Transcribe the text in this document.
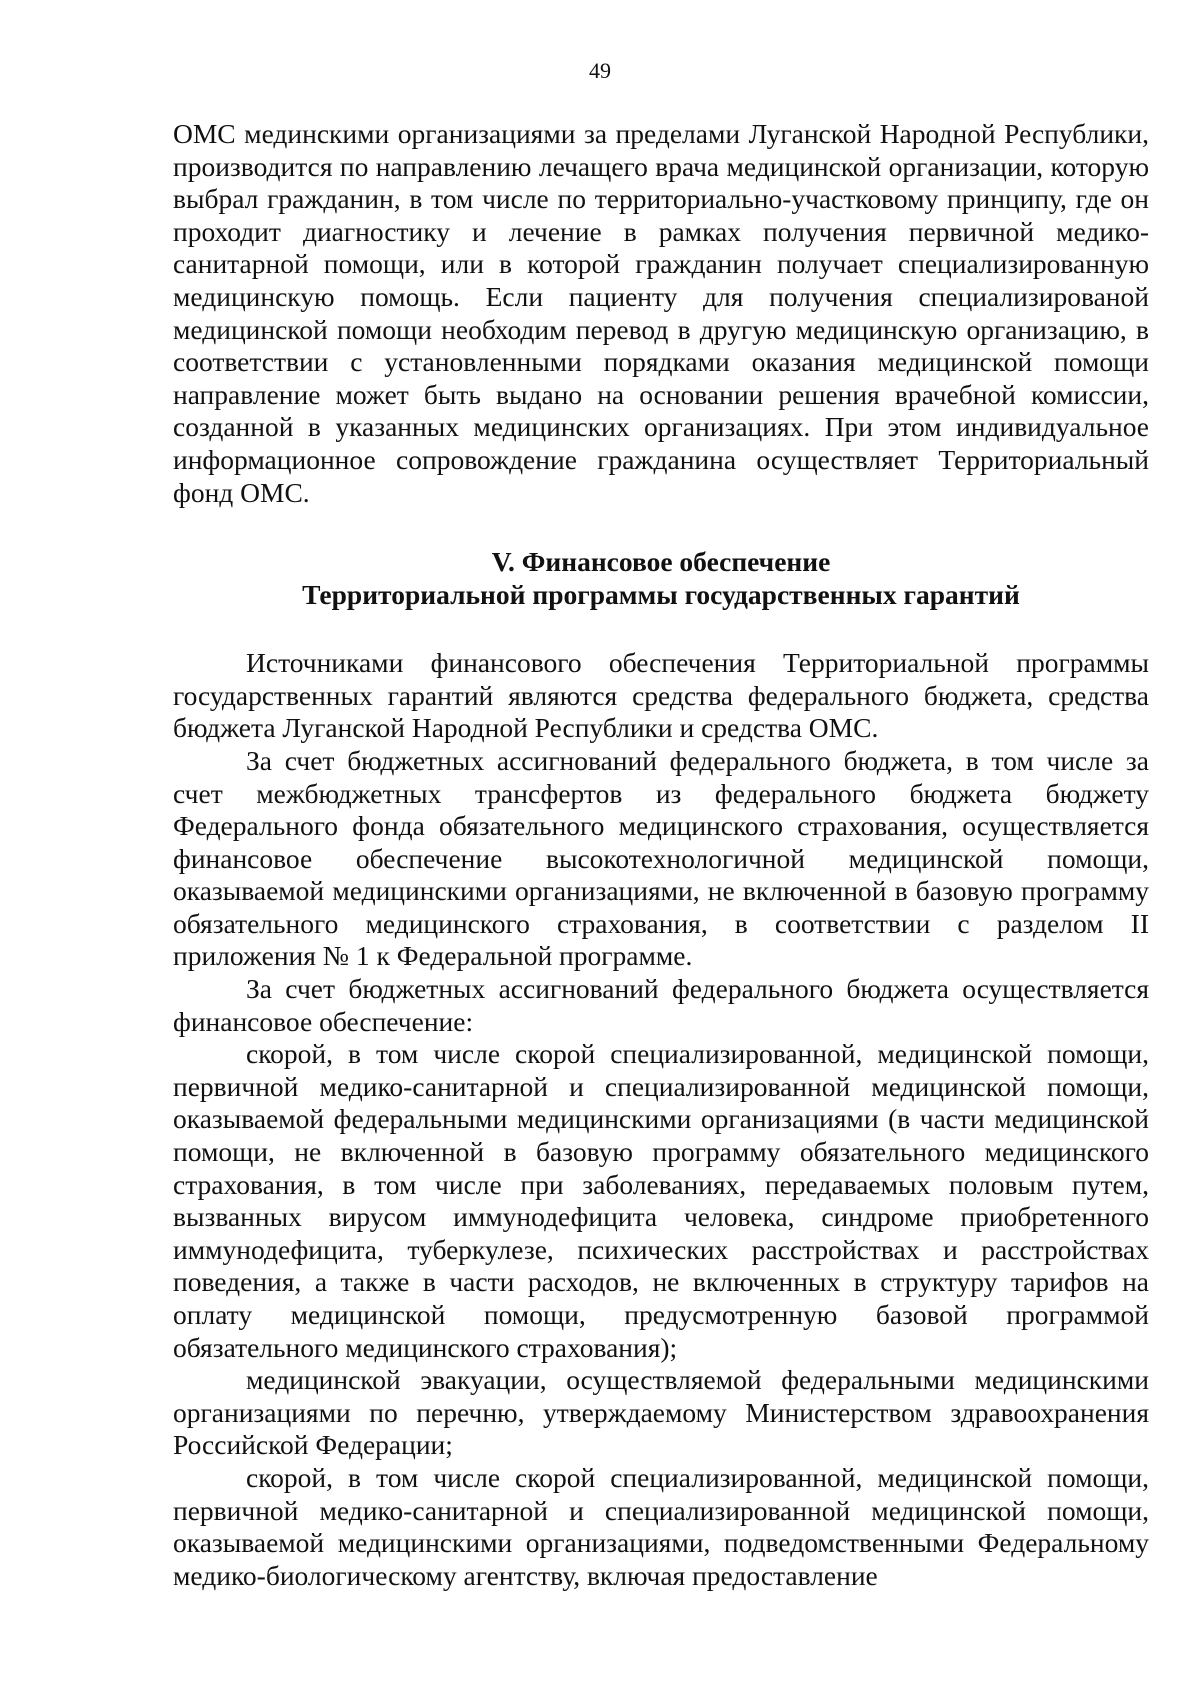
49

ОМС мединскими организациями за пределами Луганской Народной Республики, производится по направлению лечащего врача медицинской организации, которую выбрал гражданин, в том числе по территориально-участковому принципу, где он проходит диагностику и лечение в рамках получения первичной медико-санитарной помощи, или в которой гражданин получает специализированную медицинскую помощь. Если пациенту для получения специализированой медицинской помощи необходим перевод в другую медицинскую организацию, в соответствии с установленными порядками оказания медицинской помощи направление может быть выдано на основании решения врачебной комиссии, созданной в указанных медицинских организациях. При этом индивидуальное информационное сопровождение гражданина осуществляет Территориальный фонд ОМС.

V. Финансовое обеспечение
Территориальной программы государственных гарантий

Источниками финансового обеспечения Территориальной программы государственных гарантий являются средства федерального бюджета, средства бюджета Луганской Народной Республики и средства ОМС.

За счет бюджетных ассигнований федерального бюджета, в том числе за счет межбюджетных трансфертов из федерального бюджета бюджету Федерального фонда обязательного медицинского страхования, осуществляется финансовое обеспечение высокотехнологичной медицинской помощи, оказываемой медицинскими организациями, не включенной в базовую программу обязательного медицинского страхования, в соответствии с разделом II приложения № 1 к Федеральной программе.

За счет бюджетных ассигнований федерального бюджета осуществляется финансовое обеспечение:

скорой, в том числе скорой специализированной, медицинской помощи, первичной медико-санитарной и специализированной медицинской помощи, оказываемой федеральными медицинскими организациями (в части медицинской помощи, не включенной в базовую программу обязательного медицинского страхования, в том числе при заболеваниях, передаваемых половым путем, вызванных вирусом иммунодефицита человека, синдроме приобретенного иммунодефицита, туберкулезе, психических расстройствах и расстройствах поведения, а также в части расходов, не включенных в структуру тарифов на оплату медицинской помощи, предусмотренную базовой программой обязательного медицинского страхования);

медицинской эвакуации, осуществляемой федеральными медицинскими организациями по перечню, утверждаемому Министерством здравоохранения Российской Федерации;

скорой, в том числе скорой специализированной, медицинской помощи, первичной медико-санитарной и специализированной медицинской помощи, оказываемой медицинскими организациями, подведомственными Федеральному медико-биологическому агентству, включая предоставление
